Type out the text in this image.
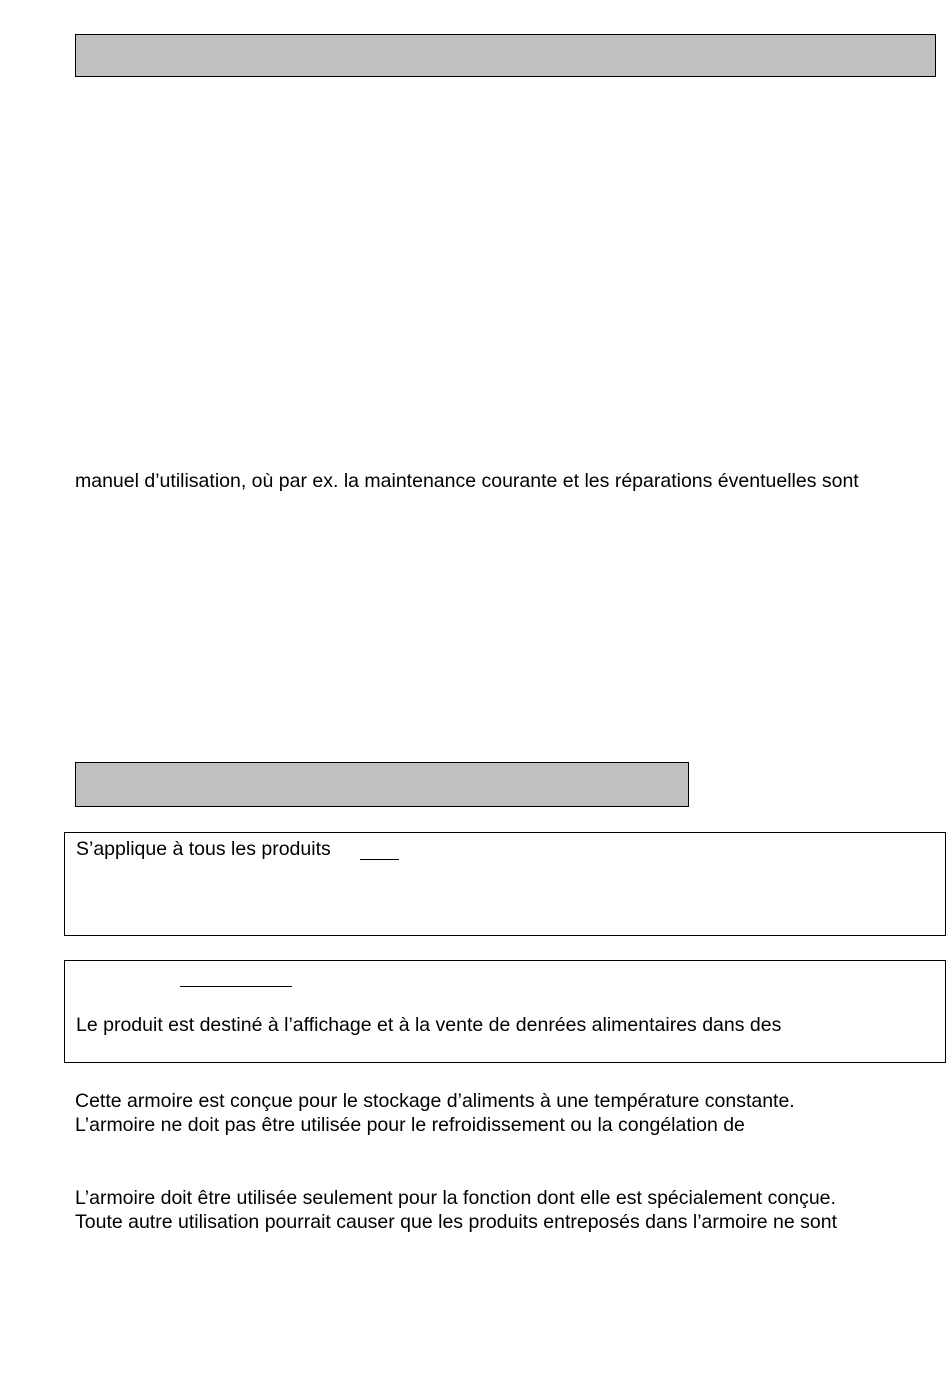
manuel d’utilisation, où par ex. la maintenance courante et les réparations éventuelles sont

S’applique à tous les produits

Le produit est destiné à l’affichage et à la vente de denrées alimentaires dans des

Cette armoire est conçue pour le stockage d’aliments à une température constante.

L’armoire ne doit pas être utilisée pour le refroidissement ou la congélation de

L’armoire doit être utilisée seulement pour la fonction dont elle est spécialement conçue.

Toute autre utilisation pourrait causer que les produits entreposés dans l’armoire ne sont
